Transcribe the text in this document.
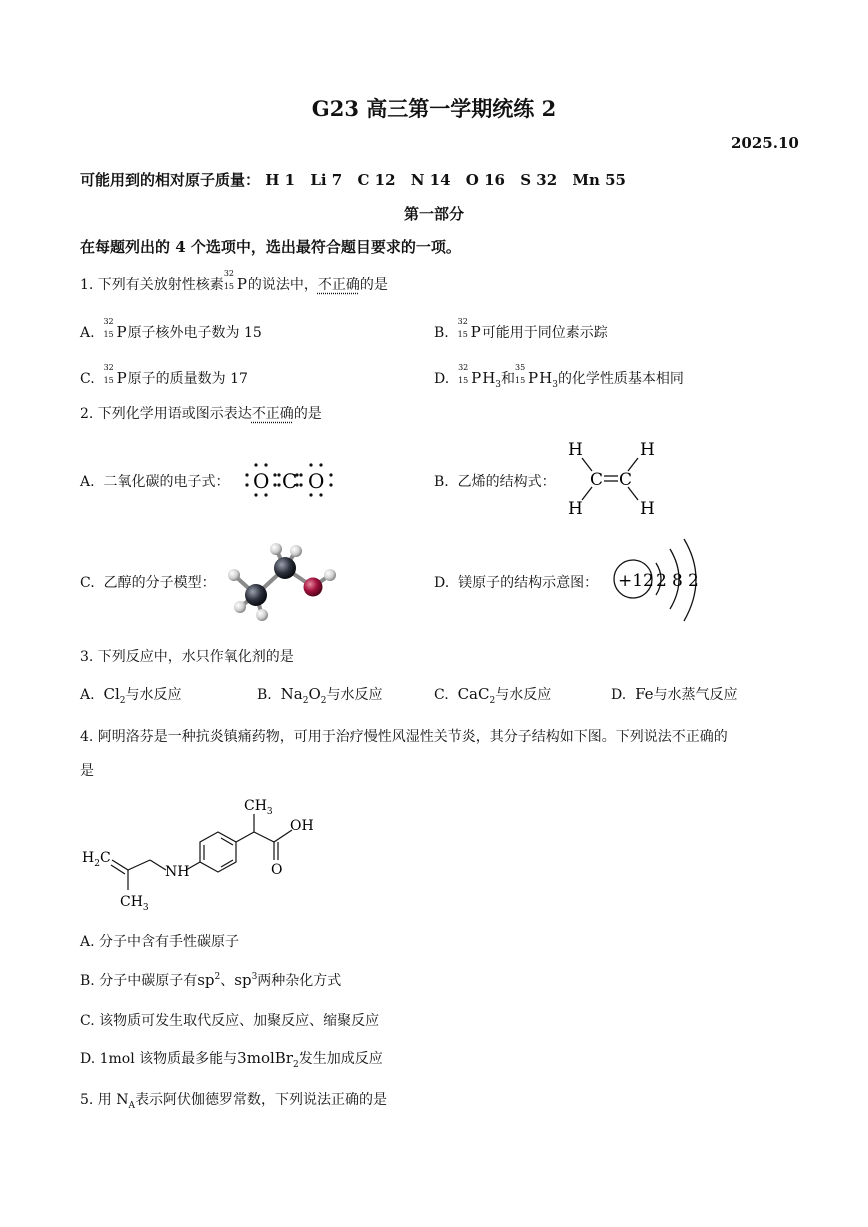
G23 高三第一学期统练 2
2025.10
可能用到的相对原子质量： H 1 Li 7 C 12 N 14 O 16 S 32 Mn 55
第一部分
在每题列出的 4 个选项中，选出最符合题目要求的一项。
1. 下列有关放射性核素
32
15 P的说法中，不正确的是
A.
32
15 P原子核外电子数为 15	B.
32
15 P可能用于同位素示踪
C.
32
15 P原子的质量数为 17	D.
32
15 $PH_3$和
35
15 $PH_3$的化学性质基本相同
2. 下列化学用语或图示表达不正确的是
A. 二氧化碳的电子式： O C O	B. 乙烯的结构式：
H	H
H	H
C C
C. 乙醇的分子模型：	D. 镁原子的结构示意图： +12 2 8 2
3. 下列反应中，水只作氧化剂的是
A. $Cl_2$与水反应	B. $Na_2O_2$与水反应	C. CaC$_2$与水反应	D. Fe与水蒸气反应
4. 阿明洛芬是一种抗炎镇痛药物，可用于治疗慢性风湿性关节炎，其分子结构如下图。下列说法不正确的
是
$CH_3$
OH
O
NH
$H_2C$
$CH_3$
A. 分子中含有手性碳原子
B. 分子中碳原子有$sp^2$、$sp^3$两种杂化方式
C. 该物质可发生取代反应、加聚反应、缩聚反应
D. 1mol 该物质最多能与3molBr$_2$发生加成反应
5. 用 $N_A$表示阿伏伽德罗常数，下列说法正确的是
